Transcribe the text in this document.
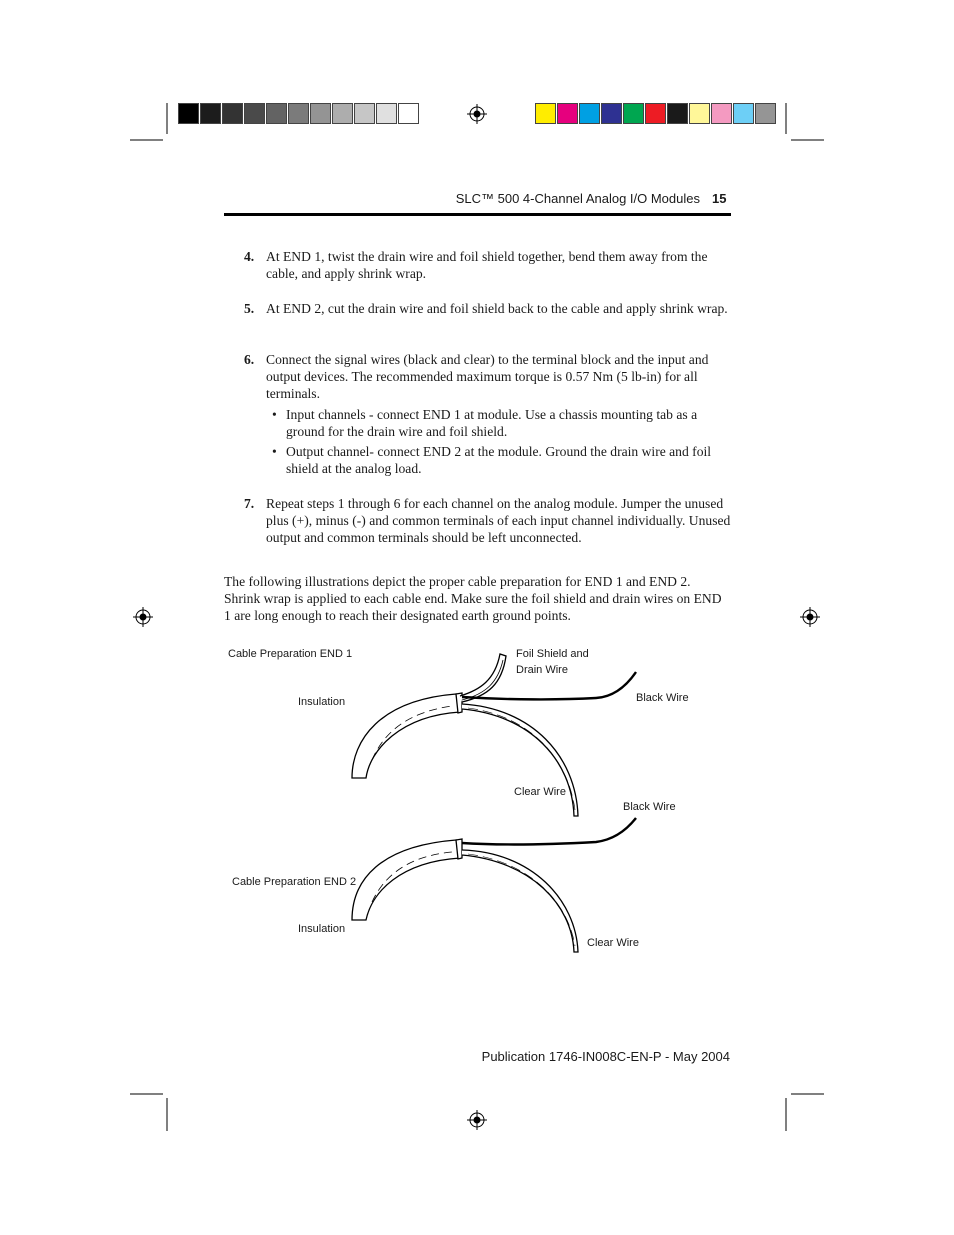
SLC™ 500 4-Channel Analog I/O Modules 15
4. At END 1, twist the drain wire and foil shield together, bend them away from the cable, and apply shrink wrap.
5. At END 2, cut the drain wire and foil shield back to the cable and apply shrink wrap.
6. Connect the signal wires (black and clear) to the terminal block and the input and output devices. The recommended maximum torque is 0.57 Nm (5 lb-in) for all terminals.
• Input channels - connect END 1 at module. Use a chassis mounting tab as a ground for the drain wire and foil shield.
• Output channel- connect END 2 at the module. Ground the drain wire and foil shield at the analog load.
7. Repeat steps 1 through 6 for each channel on the analog module. Jumper the unused plus (+), minus (-) and common terminals of each input channel individually. Unused output and common terminals should be left unconnected.
The following illustrations depict the proper cable preparation for END 1 and END 2. Shrink wrap is applied to each cable end. Make sure the foil shield and drain wires on END 1 are long enough to reach their designated earth ground points.
Cable Preparation END 1
Insulation
Foil Shield and
Drain Wire
Black Wire
Clear Wire
Black Wire
Cable Preparation END 2
Insulation
Clear Wire
Publication 1746-IN008C-EN-P - May 2004
